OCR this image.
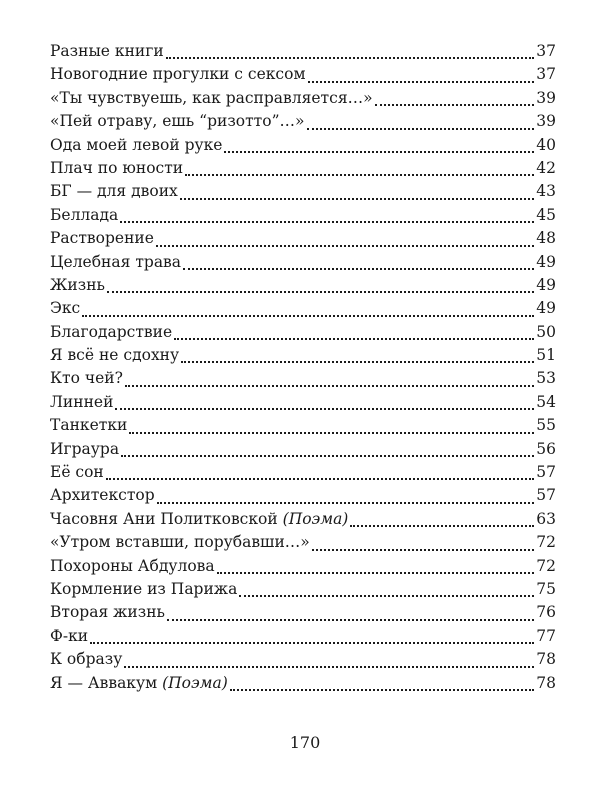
Разные книги	37
Новогодние прогулки с сексом	37
«Ты чувствуешь, как расправляется…»	39
«Пей отраву, ешь “ризотто”…»	39
Ода моей левой руке	40
Плач по юности	42
БГ — для двоих	43
Беллада	45
Растворение	48
Целебная трава	49
Жизнь	49
Экс	49
Благодарствие	50
Я всё не сдохну	51
Кто чей?	53
Линней	54
Танкетки	55
Играура	56
Её сон	57
Архитекстор	57
Часовня Ани Политковской (Поэма)	63
«Утром вставши, порубавши…»	72
Похороны Абдулова	72
Кормление из Парижа	75
Вторая жизнь	76
Ф-ки	77
К образу	78
Я — Аввакум (Поэма)	78
170
